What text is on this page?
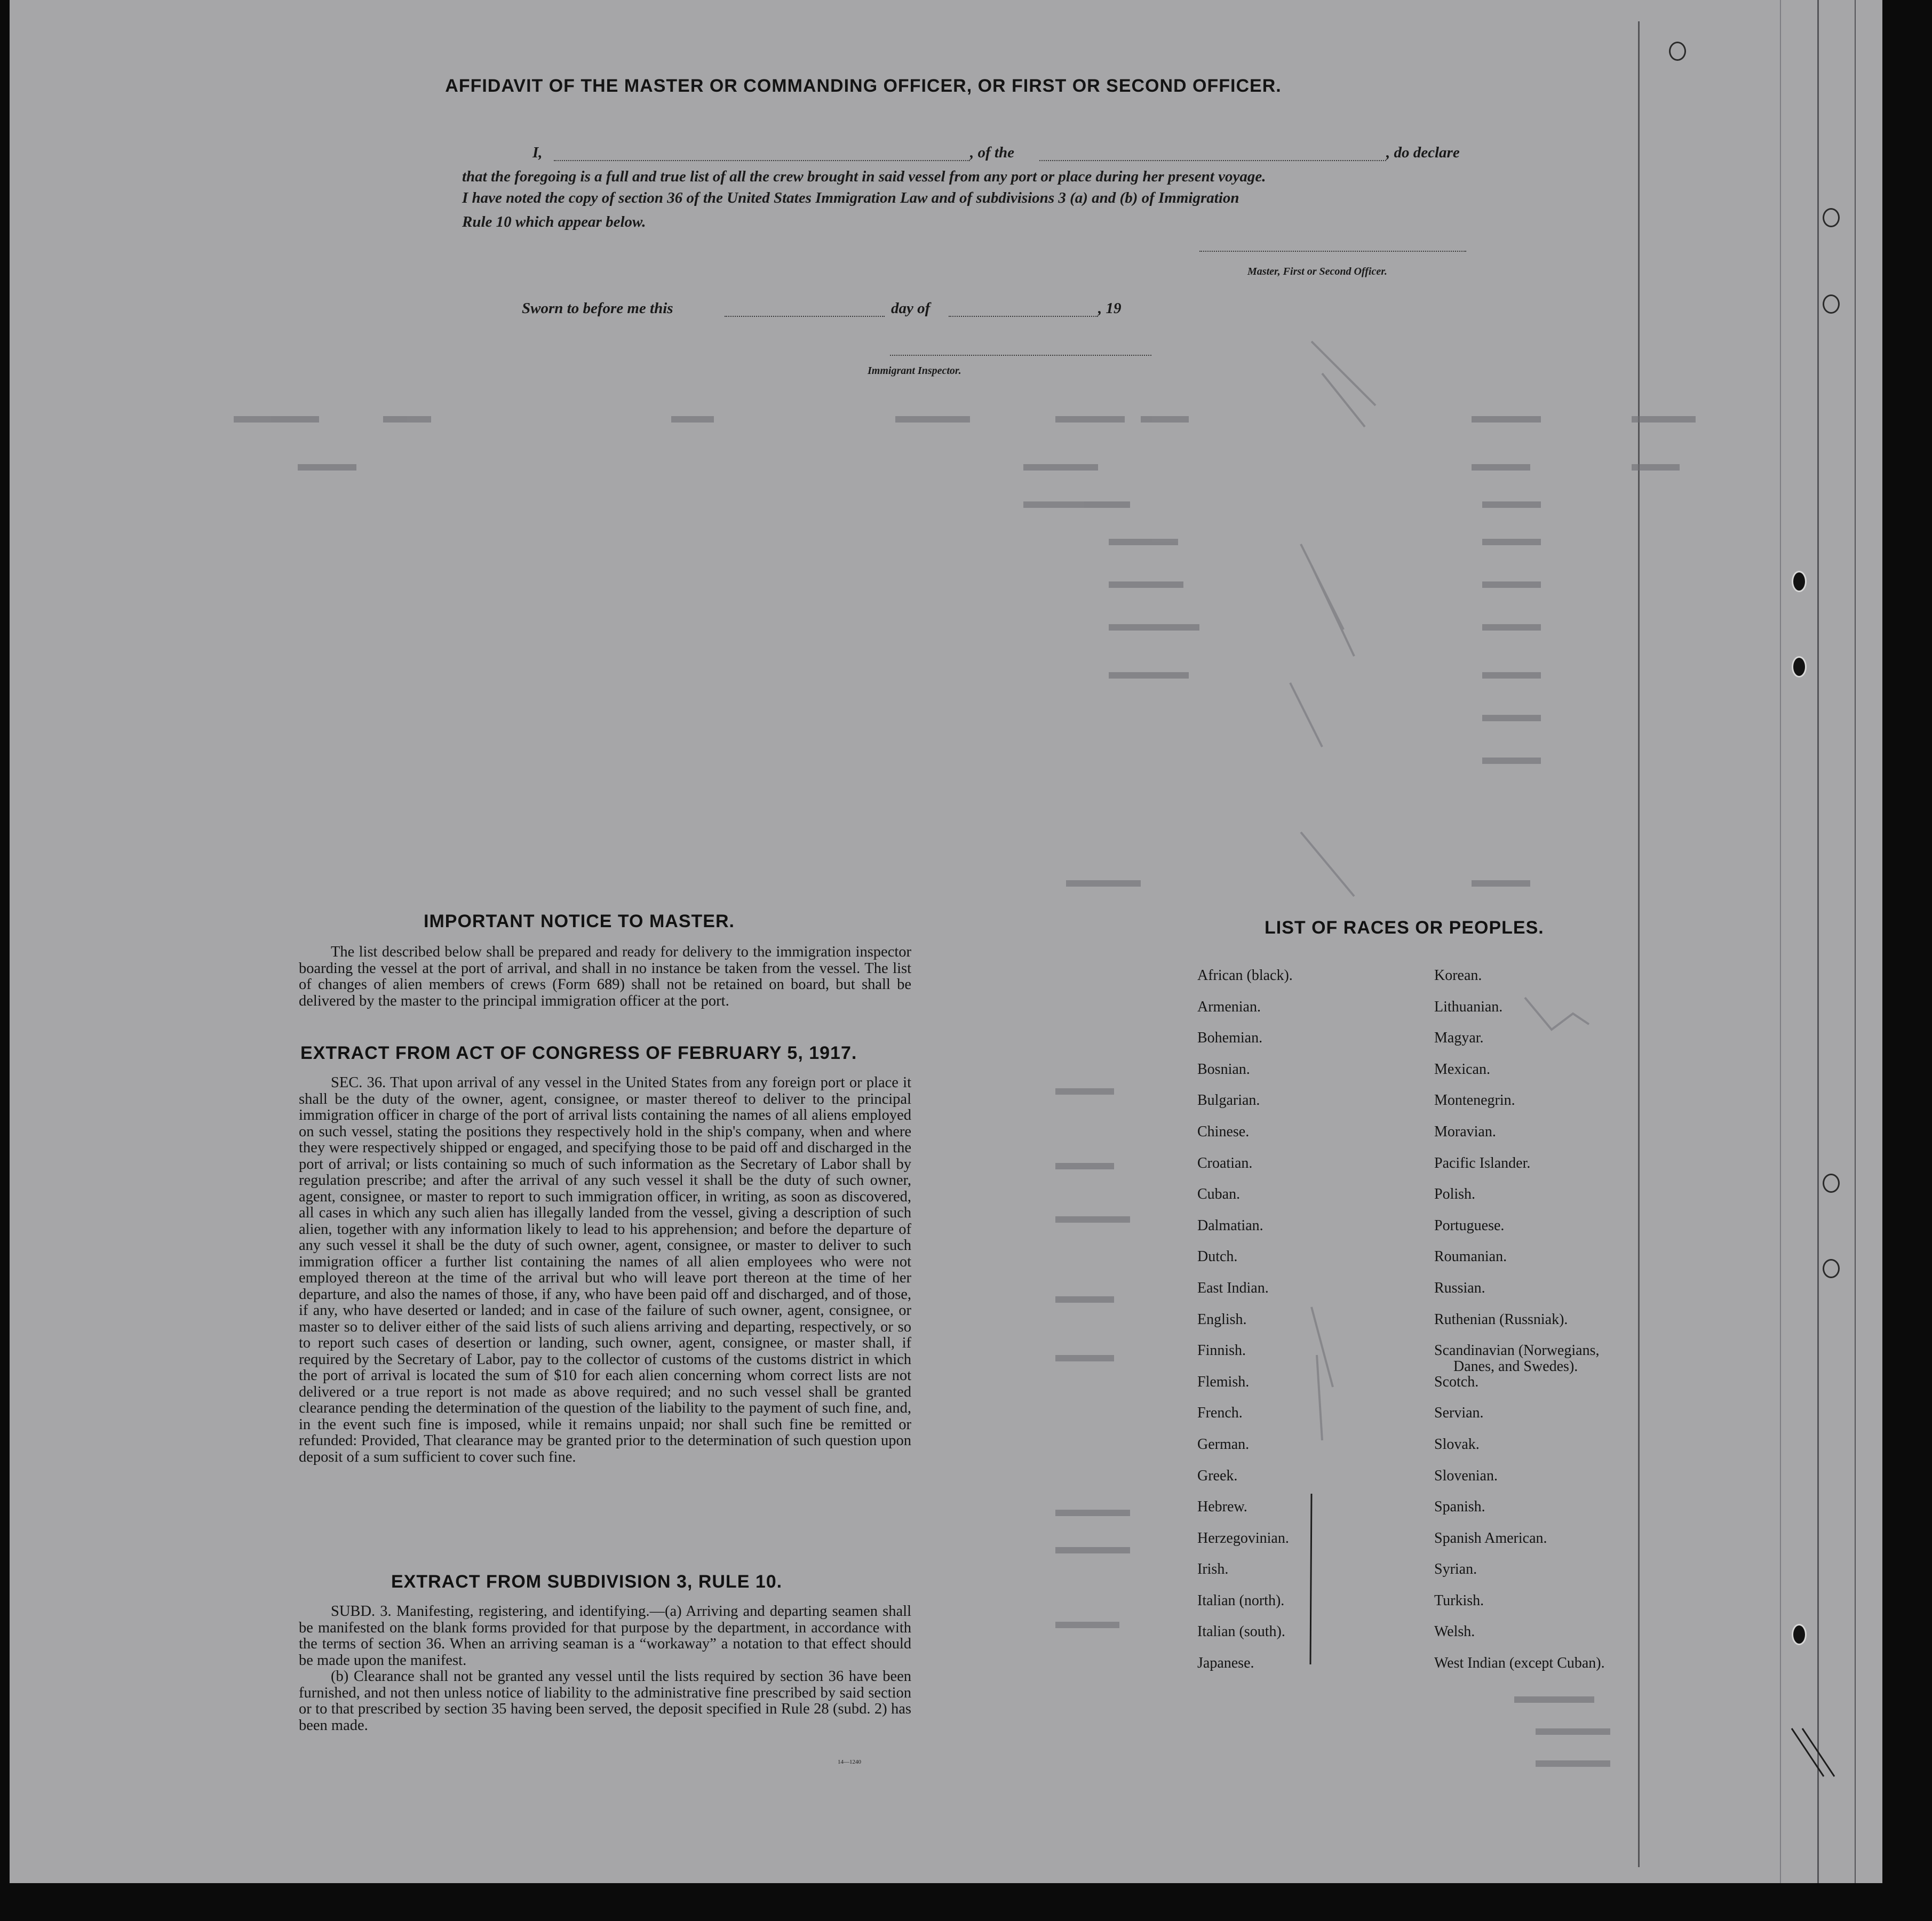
AFFIDAVIT OF THE MASTER OR COMMANDING OFFICER, OR FIRST OR SECOND OFFICER.
I,	, of the	, do declare
that the foregoing is a full and true list of all the crew brought in said vessel from any port or place during her present voyage.
I have noted the copy of section 36 of the United States Immigration Law and of subdivisions 3 (a) and (b) of Immigration
Rule 10 which appear below.
Master, First or Second Officer.
Sworn to before me this	day of	, 19
Immigrant Inspector.
IMPORTANT NOTICE TO MASTER.

The list described below shall be prepared and ready for delivery to the immigration inspector boarding the vessel at the port of arrival, and shall in no instance be taken from the vessel. The list of changes of alien members of crews (Form 689) shall not be retained on board, but shall be delivered by the master to the principal immigration officer at the port.

EXTRACT FROM ACT OF CONGRESS OF FEBRUARY 5, 1917.

SEC. 36. That upon arrival of any vessel in the United States from any foreign port or place it shall be the duty of the owner, agent, consignee, or master thereof to deliver to the principal immigration officer in charge of the port of arrival lists containing the names of all aliens employed on such vessel, stating the positions they respectively hold in the ship's company, when and where they were respectively shipped or engaged, and specifying those to be paid off and discharged in the port of arrival; or lists containing so much of such information as the Secretary of Labor shall by regulation prescribe; and after the arrival of any such vessel it shall be the duty of such owner, agent, consignee, or master to report to such immigration officer, in writing, as soon as discovered, all cases in which any such alien has illegally landed from the vessel, giving a description of such alien, together with any information likely to lead to his apprehension; and before the departure of any such vessel it shall be the duty of such owner, agent, consignee, or master to deliver to such immigration officer a further list containing the names of all alien employees who were not employed thereon at the time of the arrival but who will leave port thereon at the time of her departure, and also the names of those, if any, who have been paid off and discharged, and of those, if any, who have deserted or landed; and in case of the failure of such owner, agent, consignee, or master so to deliver either of the said lists of such aliens arriving and departing, respectively, or so to report such cases of desertion or landing, such owner, agent, consignee, or master shall, if required by the Secretary of Labor, pay to the collector of customs of the customs district in which the port of arrival is located the sum of $10 for each alien concerning whom correct lists are not delivered or a true report is not made as above required; and no such vessel shall be granted clearance pending the determination of the question of the liability to the payment of such fine, and, in the event such fine is imposed, while it remains unpaid; nor shall such fine be remitted or refunded: Provided, That clearance may be granted prior to the determination of such question upon deposit of a sum sufficient to cover such fine.

EXTRACT FROM SUBDIVISION 3, RULE 10.

SUBD. 3. Manifesting, registering, and identifying.—(a) Arriving and departing seamen shall be manifested on the blank forms provided for that purpose by the department, in accordance with the terms of section 36. When an arriving seaman is a “workaway” a notation to that effect should be made upon the manifest.

(b) Clearance shall not be granted any vessel until the lists required by section 36 have been furnished, and not then unless notice of liability to the administrative fine prescribed by said section or to that prescribed by section 35 having been served, the deposit specified in Rule 28 (subd. 2) has been made.

14—1240
LIST OF RACES OR PEOPLES.
African (black).
Armenian.
Bohemian.
Bosnian.
Bulgarian.
Chinese.
Croatian.
Cuban.
Dalmatian.
Dutch.
East Indian.
English.
Finnish.
Flemish.
French.
German.
Greek.
Hebrew.
Herzegovinian.
Irish.
Italian (north).
Italian (south).
Japanese.
Korean.
Lithuanian.
Magyar.
Mexican.
Montenegrin.
Moravian.
Pacific Islander.
Polish.
Portuguese.
Roumanian.
Russian.
Ruthenian (Russniak).
Scandinavian (Norwegians,
Danes, and Swedes).
Scotch.
Servian.
Slovak.
Slovenian.
Spanish.
Spanish American.
Syrian.
Turkish.
Welsh.
West Indian (except Cuban).
